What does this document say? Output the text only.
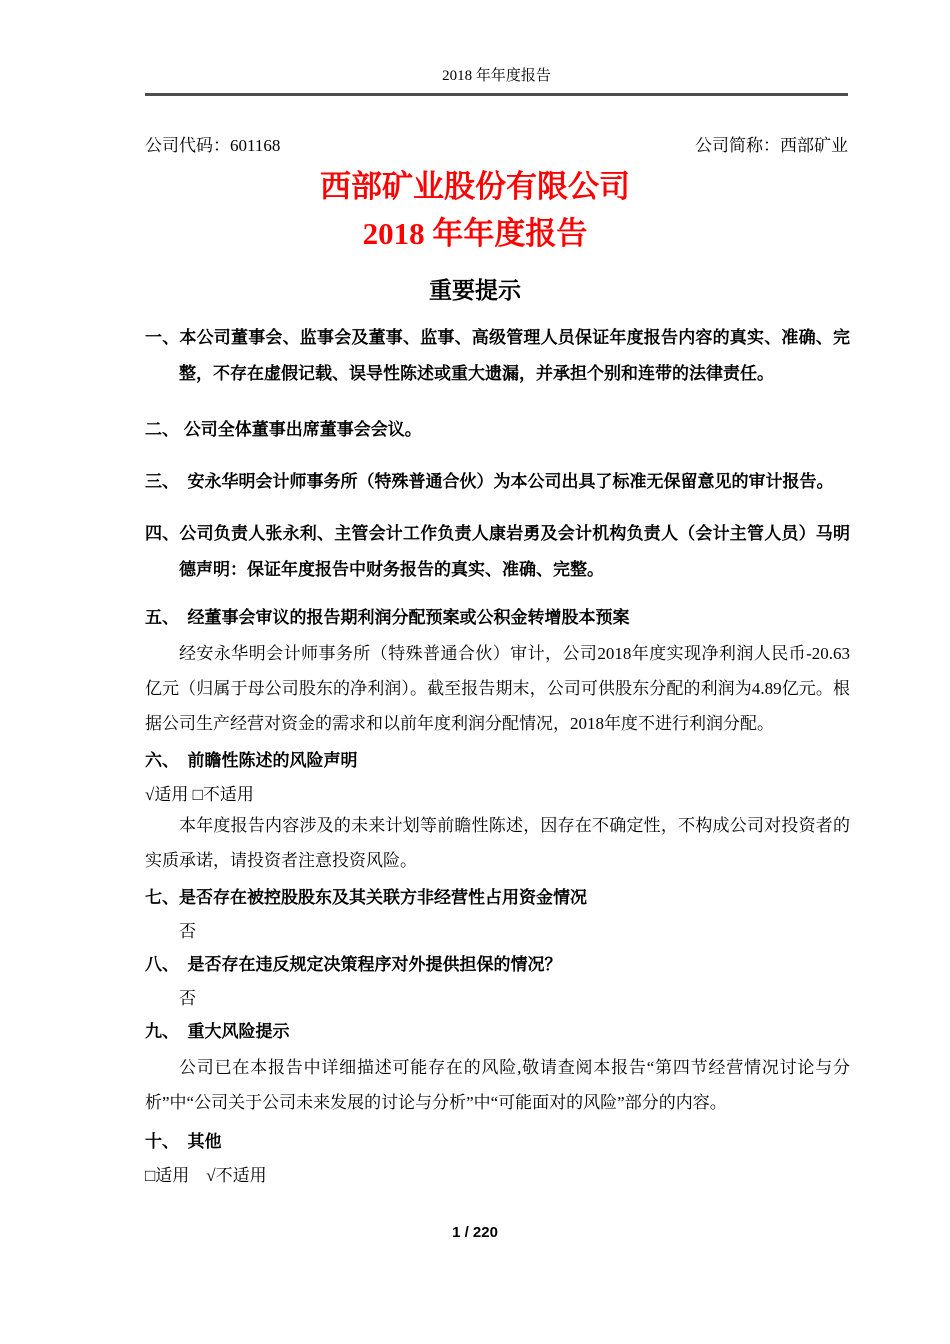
2018 年年度报告
公司代码：601168	公司简称：西部矿业
西部矿业股份有限公司
2018 年年度报告
重要提示
一、本公司董事会、监事会及董事、监事、高级管理人员保证年度报告内容的真实、准确、完整，不存在虚假记载、误导性陈述或重大遗漏，并承担个别和连带的法律责任。
二、 公司全体董事出席董事会会议。
三、　安永华明会计师事务所（特殊普通合伙）为本公司出具了标准无保留意见的审计报告。
四、公司负责人张永利、主管会计工作负责人康岩勇及会计机构负责人（会计主管人员）马明德声明：保证年度报告中财务报告的真实、准确、完整。
五、　经董事会审议的报告期利润分配预案或公积金转增股本预案

经安永华明会计师事务所（特殊普通合伙）审计，公司2018年度实现净利润人民币-20.63亿元（归属于母公司股东的净利润）。截至报告期末，公司可供股东分配的利润为4.89亿元。根据公司生产经营对资金的需求和以前年度利润分配情况，2018年度不进行利润分配。

六、　前瞻性陈述的风险声明
√适用 □不适用

本年度报告内容涉及的未来计划等前瞻性陈述，因存在不确定性，不构成公司对投资者的实质承诺，请投资者注意投资风险。

七、是否存在被控股股东及其关联方非经营性占用资金情况
否
八、　是否存在违反规定决策程序对外提供担保的情况？
否
九、　重大风险提示

公司已在本报告中详细描述可能存在的风险,敬请查阅本报告“第四节经营情况讨论与分析”中“公司关于公司未来发展的讨论与分析”中“可能面对的风险”部分的内容。

十、　其他
□适用　√不适用
1 / 220
